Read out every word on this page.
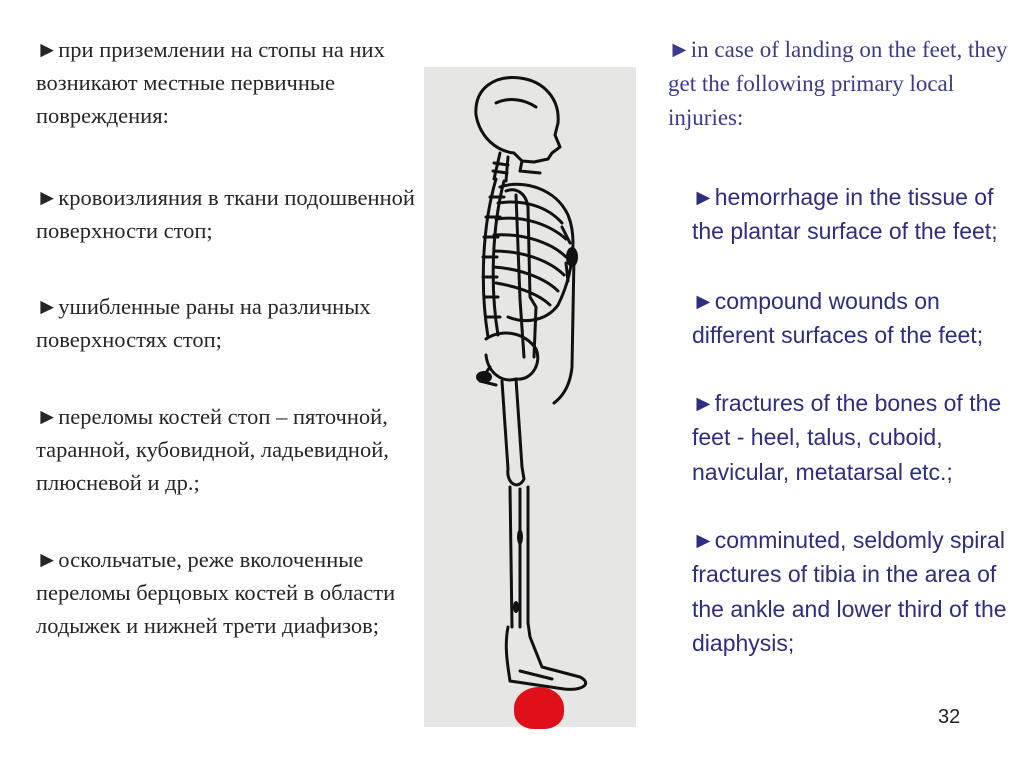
►при приземлении на стопы на них возникают местные первичные повреждения:
►кровоизлияния в ткани подошвенной поверхности стоп;
►ушибленные раны на различных поверхностях стоп;
►переломы костей стоп – пяточной, таранной, кубовидной, ладьевидной, плюсневой и др.;
►оскольчатые, реже вколоченные переломы берцовых костей в области лодыжек и нижней трети диафизов;
►in case of landing on the feet, they get the following primary local injuries:
►hemorrhage in the tissue of the plantar surface of the feet;
►compound wounds on different surfaces of the feet;
►fractures of the bones of the feet - heel, talus, cuboid, navicular, metatarsal etc.;
►comminuted, seldomly spiral fractures of tibia in the area of the ankle and lower third of the diaphysis;
32
